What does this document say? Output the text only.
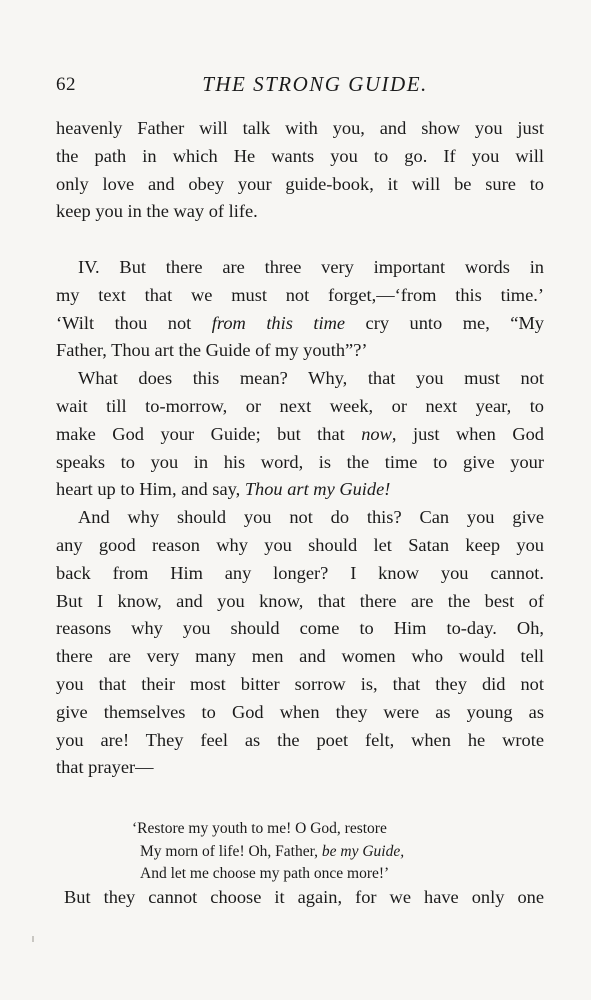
62	THE STRONG GUIDE.
heavenly Father will talk with you, and show you just
the path in which He wants you to go. If you will
only love and obey your guide-book, it will be sure to
keep you in the way of life.
IV. But there are three very important words in
my text that we must not forget,—‘from this time.’
‘Wilt thou not from this time cry unto me, “My
Father, Thou art the Guide of my youth”?’
What does this mean? Why, that you must not
wait till to-morrow, or next week, or next year, to
make God your Guide; but that now, just when God
speaks to you in his word, is the time to give your
heart up to Him, and say, Thou art my Guide!
And why should you not do this? Can you give
any good reason why you should let Satan keep you
back from Him any longer? I know you cannot.
But I know, and you know, that there are the best of
reasons why you should come to Him to-day. Oh,
there are very many men and women who would tell
you that their most bitter sorrow is, that they did not
give themselves to God when they were as young as
you are! They feel as the poet felt, when he wrote
that prayer—
‘Restore my youth to me! O God, restore
My morn of life! Oh, Father, be my Guide,
And let me choose my path once more!’
But they cannot choose it again, for we have only one
